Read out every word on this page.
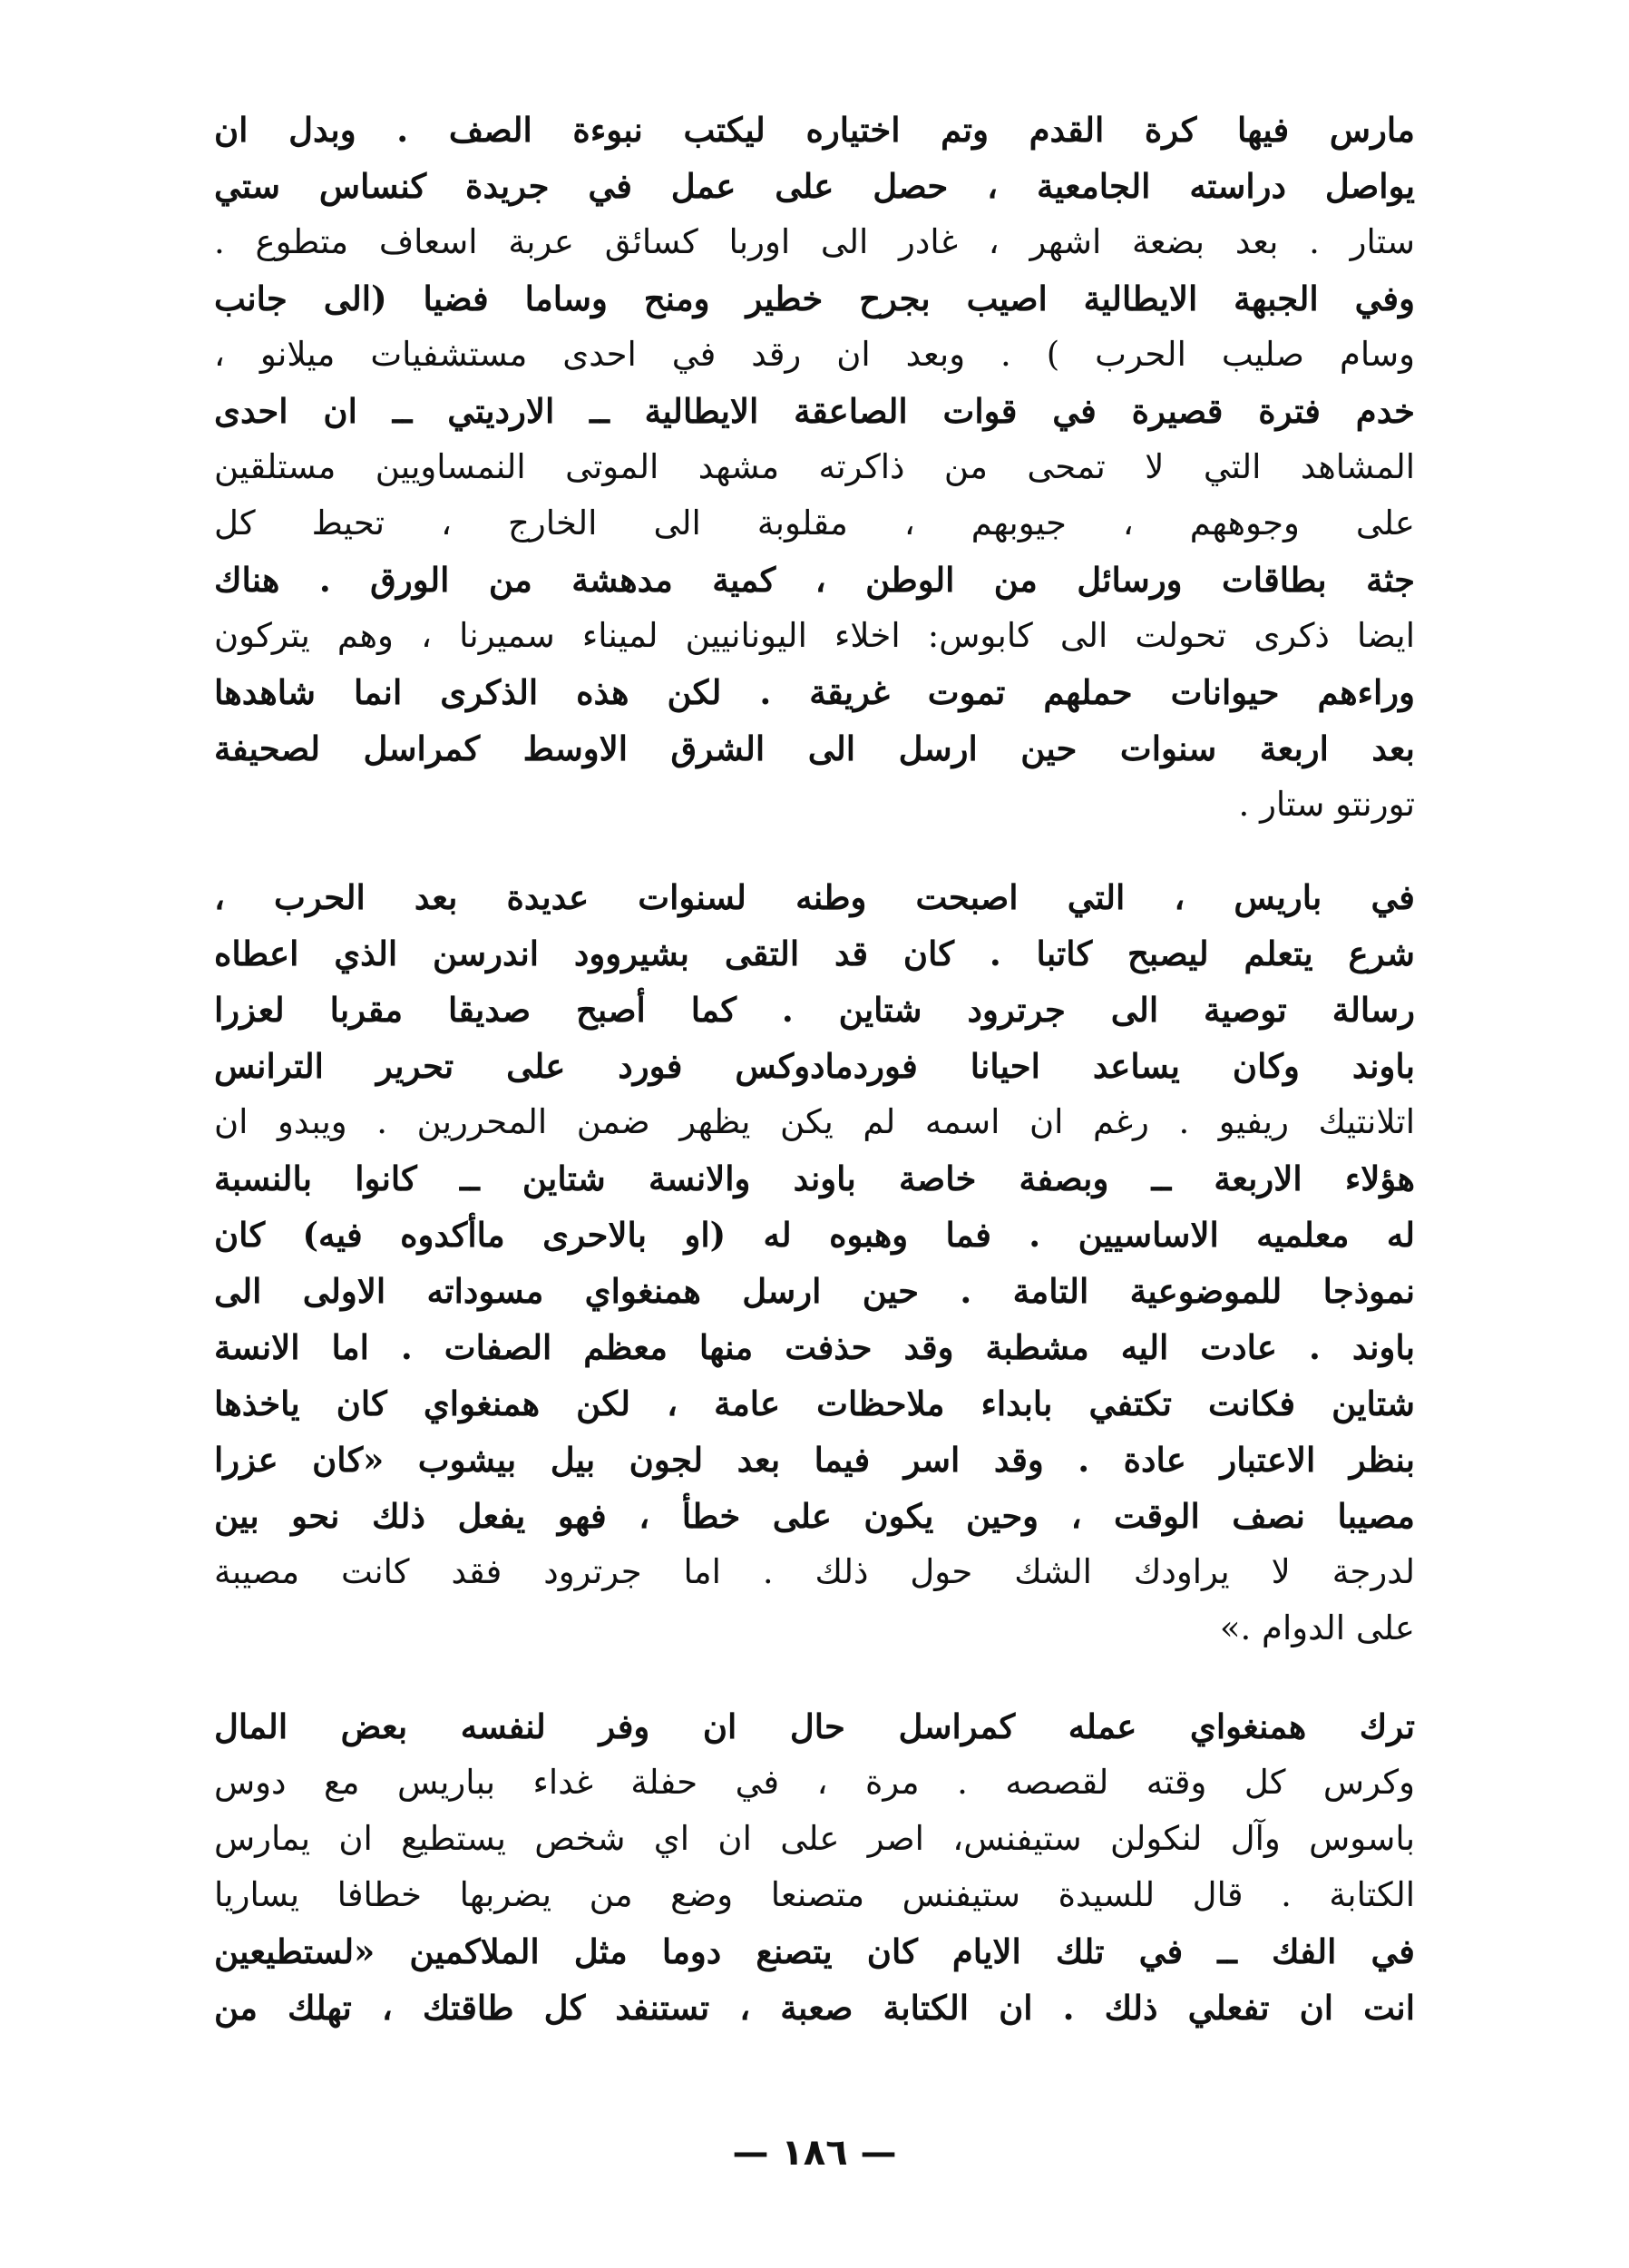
مارس فيها كرة القدم وتم اختياره ليكتب نبوءة الصف . وبدل ان
يواصل دراسته الجامعية ، حصل على عمل في جريدة كنساس ستي
ستار . بعد بضعة اشهر ، غادر الى اوربا كسائق عربة اسعاف متطوع .
وفي الجبهة الايطالية اصيب بجرح خطير ومنح وساما فضيا (الى جانب
وسام صليب الحرب ) . وبعد ان رقد في احدى مستشفيات ميلانو ،
خدم فترة قصيرة في قوات الصاعقة الايطالية ــ الارديتي ــ ان احدى
المشاهد التي لا تمحى من ذاكرته مشهد الموتى النمساويين مستلقين
على وجوههم ، جيوبهم ، مقلوبة الى الخارج ، تحيط كل
جثة بطاقات ورسائل من الوطن ، كمية مدهشة من الورق . هناك
ايضا ذكرى تحولت الى كابوس: اخلاء اليونانيين لميناء سميرنا ، وهم يتركون
وراءهم حيوانات حملهم تموت غريقة . لكن هذه الذكرى انما شاهدها
بعد اربعة سنوات حين ارسل الى الشرق الاوسط كمراسل لصحيفة
تورنتو ستار .
في باريس ، التي اصبحت وطنه لسنوات عديدة بعد الحرب ،
شرع يتعلم ليصبح كاتبا . كان قد التقى بشيروود اندرسن الذي اعطاه
رسالة توصية الى جرترود شتاين . كما أصبح صديقا مقربا لعزرا
باوند وكان يساعد احيانا فوردمادوكس فورد على تحرير الترانس
اتلانتيك ريفيو . رغم ان اسمه لم يكن يظهر ضمن المحررين . ويبدو ان
هؤلاء الاربعة ــ وبصفة خاصة باوند والانسة شتاين ــ كانوا بالنسبة
له معلميه الاساسيين . فما وهبوه له (او بالاحرى ماأكدوه فيه) كان
نموذجا للموضوعية التامة . حين ارسل همنغواي مسوداته الاولى الى
باوند . عادت اليه مشطبة وقد حذفت منها معظم الصفات . اما الانسة
شتاين فكانت تكتفي بابداء ملاحظات عامة ، لكن همنغواي كان ياخذها
بنظر الاعتبار عادة . وقد اسر فيما بعد لجون بيل بيشوب «كان عزرا
مصيبا نصف الوقت ، وحين يكون على خطأ ، فهو يفعل ذلك نحو بين
لدرجة لا يراودك الشك حول ذلك . اما جرترود فقد كانت مصيبة
على الدوام .»
ترك همنغواي عمله كمراسل حال ان وفر لنفسه بعض المال
وكرس كل وقته لقصصه . مرة ، في حفلة غداء بباريس مع دوس
باسوس وآل لنكولن ستيفنس، اصر على ان اي شخص يستطيع ان يمارس
الكتابة . قال للسيدة ستيفنس متصنعا وضع من يضربها خطافا يساريا
في الفك ــ في تلك الايام كان يتصنع دوما مثل الملاكمين «لستطيعين
انت ان تفعلي ذلك . ان الكتابة صعبة ، تستنفد كل طاقتك ، تهلك من
— ١٨٦ —
